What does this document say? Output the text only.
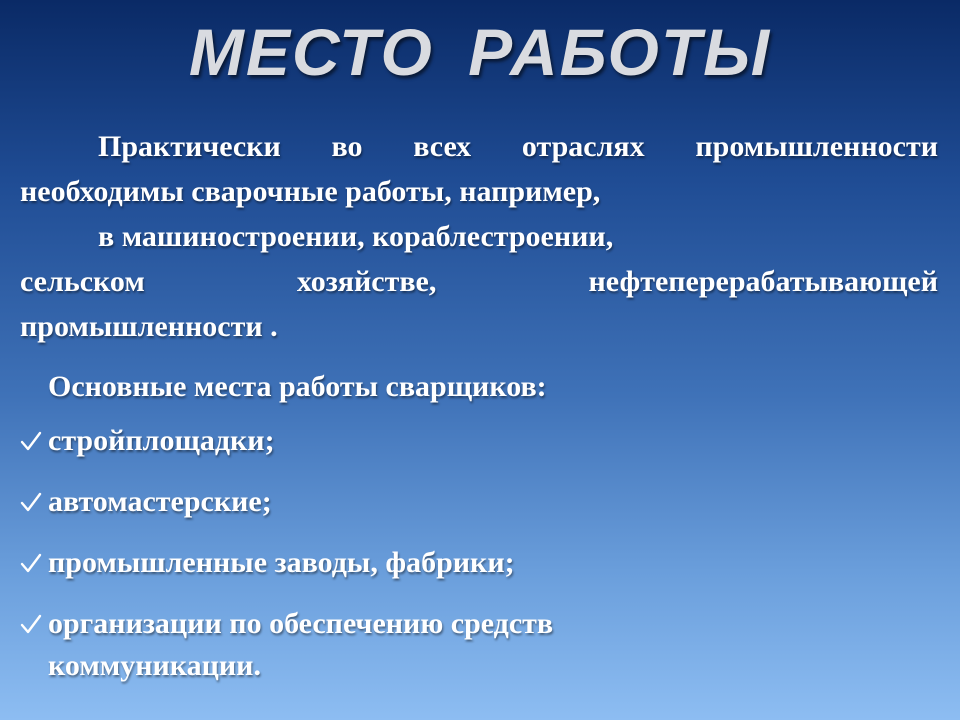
МЕСТО РАБОТЫ
Практически во всех отраслях промышленности
необходимы сварочные работы, например,
в машиностроении, кораблестроении,
сельском хозяйстве, нефтеперерабатывающей
промышленности .
Основные места работы сварщиков:
стройплощадки;
автомастерские;
промышленные заводы, фабрики;
организации по обеспечению средств коммуникации.
